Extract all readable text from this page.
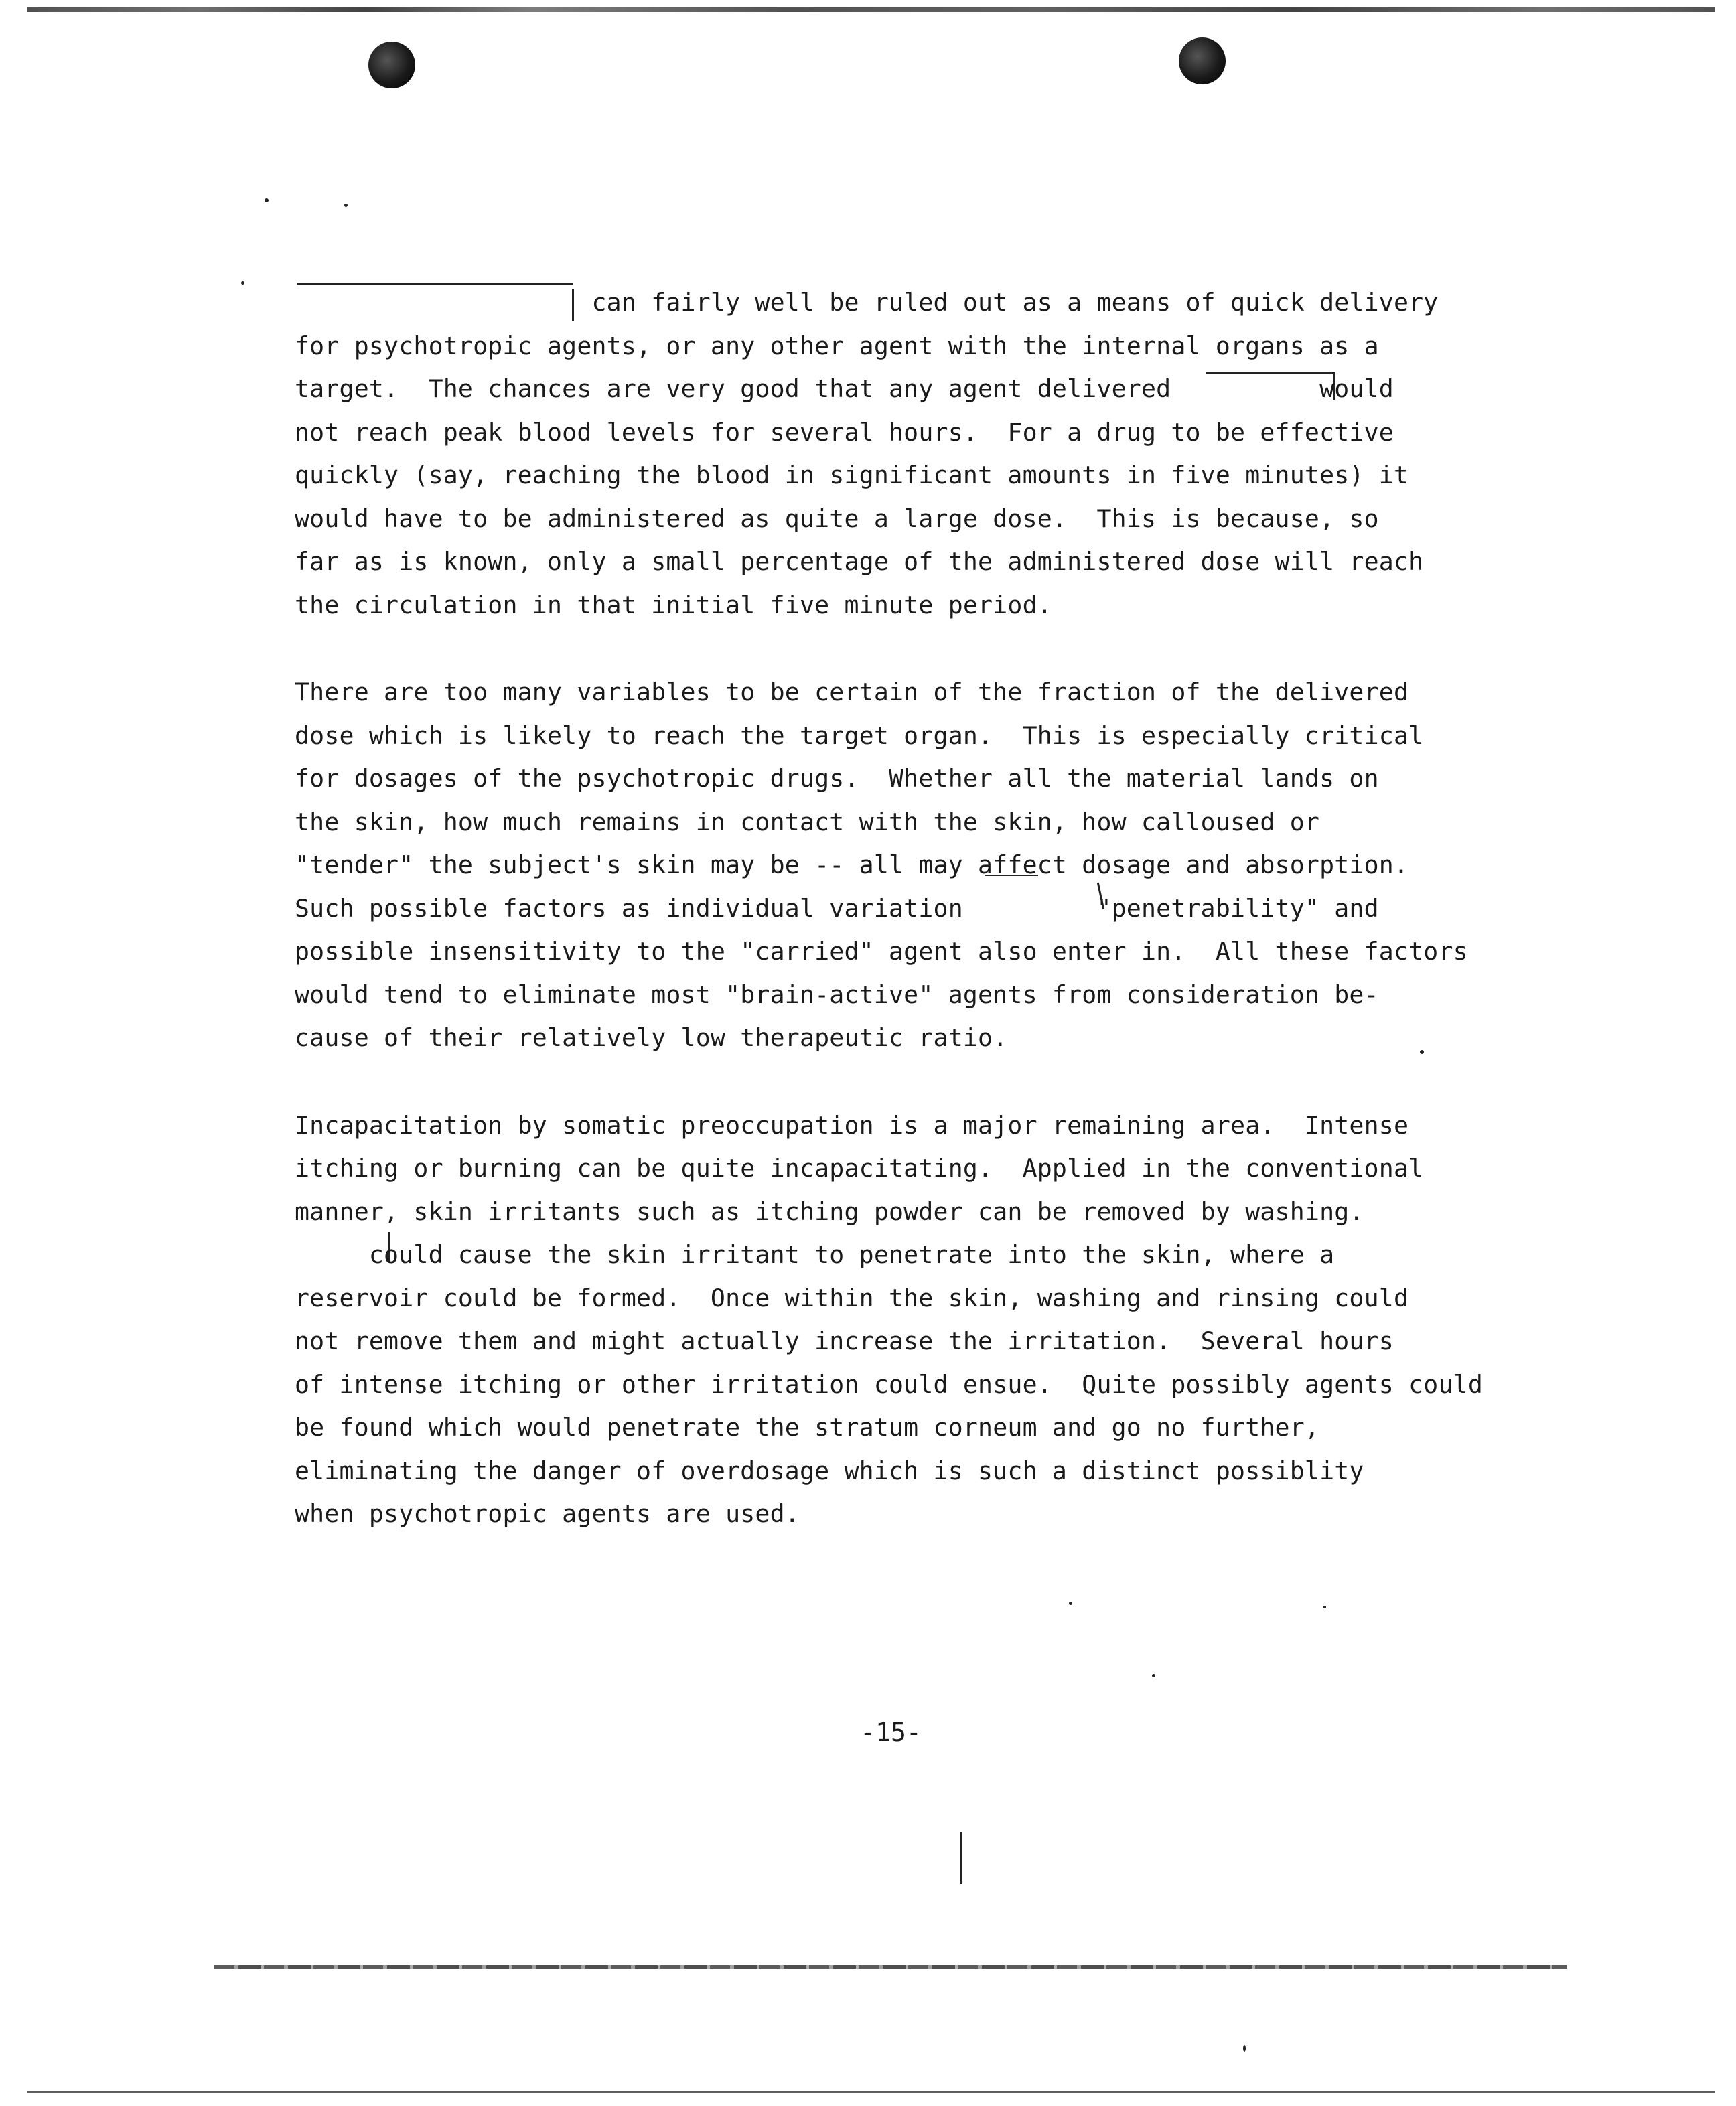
can fairly well be ruled out as a means of quick delivery
for psychotropic agents, or any other agent with the internal organs as a
target.  The chances are very good that any agent delivered          would
not reach peak blood levels for several hours.  For a drug to be effective
quickly (say, reaching the blood in significant amounts in five minutes) it
would have to be administered as quite a large dose.  This is because, so
far as is known, only a small percentage of the administered dose will reach
the circulation in that initial five minute period.
There are too many variables to be certain of the fraction of the delivered
dose which is likely to reach the target organ.  This is especially critical
for dosages of the psychotropic drugs.  Whether all the material lands on
the skin, how much remains in contact with the skin, how calloused or
"tender" the subject's skin may be -- all may affect dosage and absorption.
Such possible factors as individual variation         "penetrability" and
possible insensitivity to the "carried" agent also enter in.  All these factors
would tend to eliminate most "brain-active" agents from consideration be-
cause of their relatively low therapeutic ratio.
Incapacitation by somatic preoccupation is a major remaining area.  Intense
itching or burning can be quite incapacitating.  Applied in the conventional
manner, skin irritants such as itching powder can be removed by washing.
could cause the skin irritant to penetrate into the skin, where a
reservoir could be formed.  Once within the skin, washing and rinsing could
not remove them and might actually increase the irritation.  Several hours
of intense itching or other irritation could ensue.  Quite possibly agents could
be found which would penetrate the stratum corneum and go no further,
eliminating the danger of overdosage which is such a distinct possiblity
when psychotropic agents are used.
-15-
